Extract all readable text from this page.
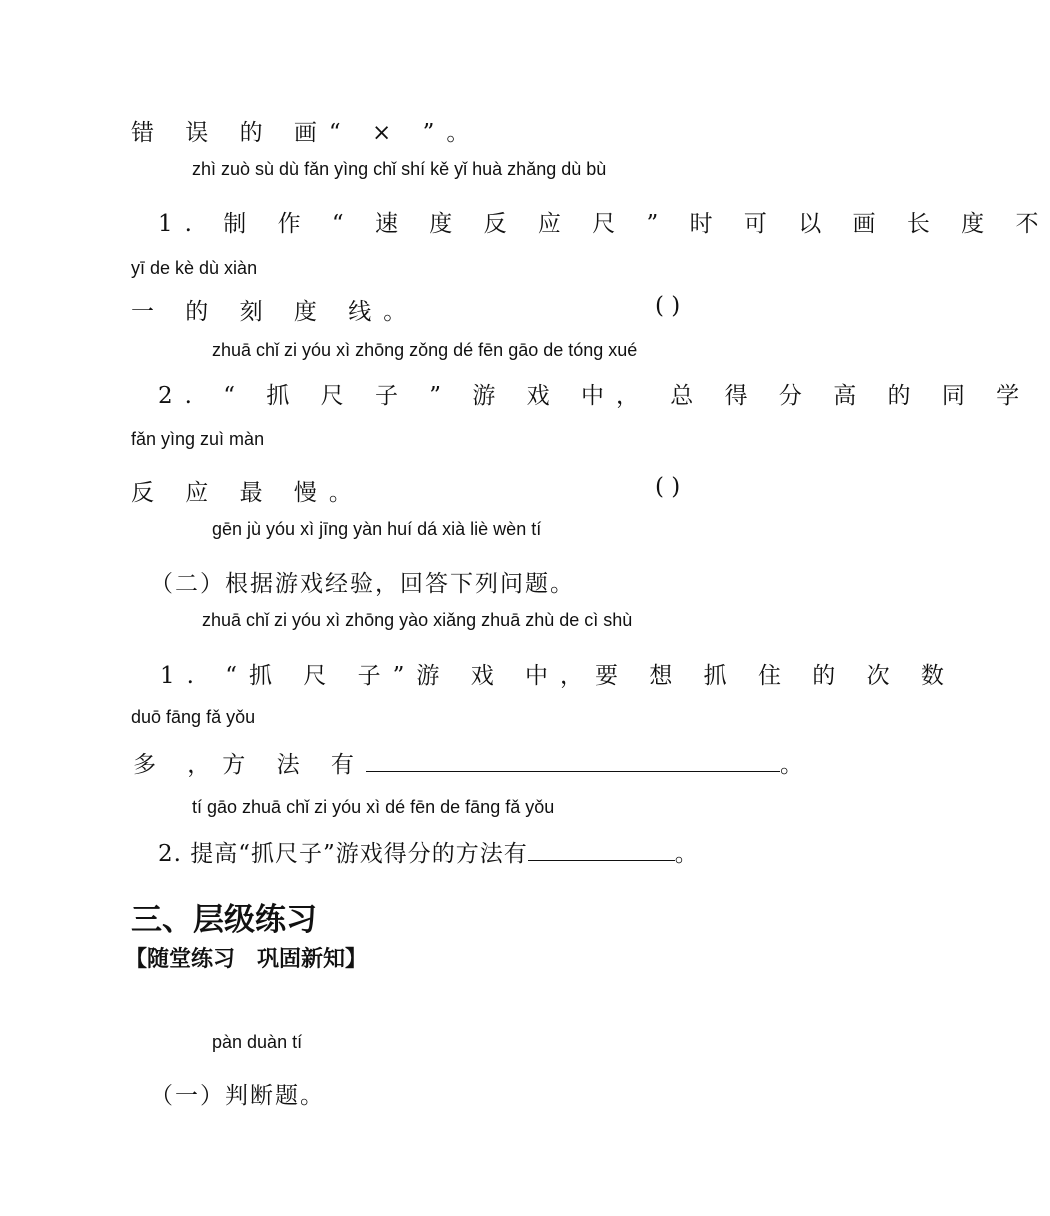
错 误 的 画“ × ”。
zhì zuò sù dù fǎn yìng chǐ shí kě yǐ huà zhǎng dù bù
1. 制 作 “ 速 度 反 应 尺 ” 时 可 以 画 长 度 不
yī de kè dù xiàn
一 的 刻 度 线。	( )
zhuā chǐ zi yóu xì zhōng zǒng dé fēn gāo de tóng xué
2. “ 抓 尺 子 ” 游 戏 中， 总 得 分 高 的 同 学
fǎn yìng zuì màn
反 应 最 慢。	( )
gēn jù yóu xì jīng yàn huí dá xià liè wèn tí
（二）根据游戏经验，回答下列问题。
zhuā chǐ zi yóu xì zhōng yào xiǎng zhuā zhù de cì shù
1. “抓 尺 子”游 戏 中，要 想 抓 住 的 次 数
duō fāng fǎ yǒu
多 ，方 法 有	。
tí gāo zhuā chǐ zi yóu xì dé fēn de fāng fǎ yǒu
2. 提高“抓尺子”游戏得分的方法有	。
三、层级练习
【随堂练习　巩固新知】
pàn duàn tí
（一）判断题。
